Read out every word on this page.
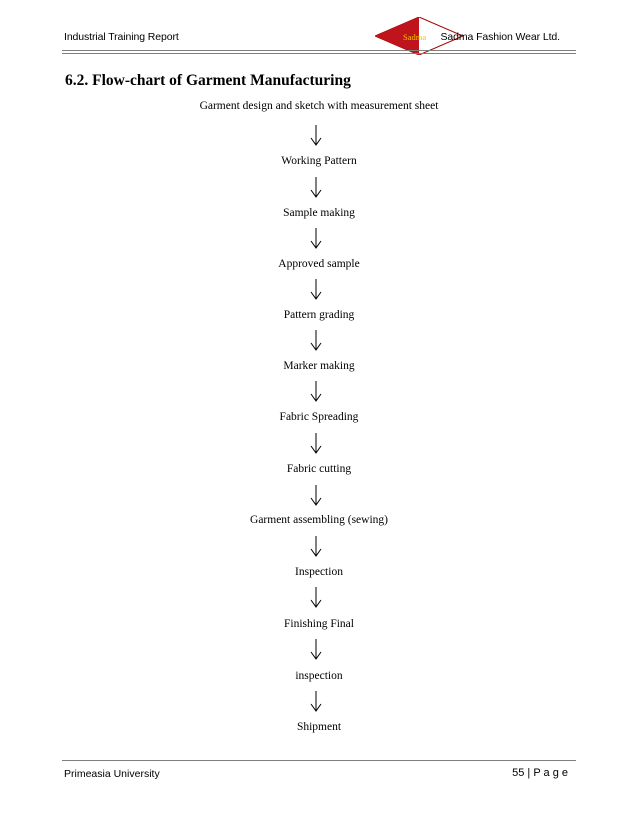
Industrial Training Report	Sadma Sadma Fashion Wear Ltd.
6.2. Flow-chart of Garment Manufacturing
Garment design and sketch with measurement sheet
Working Pattern
Sample making
Approved sample
Pattern grading
Marker making
Fabric Spreading
Fabric cutting
Garment assembling (sewing)
Inspection
Finishing Final
inspection
Shipment
Primeasia University	55 | P a g e
